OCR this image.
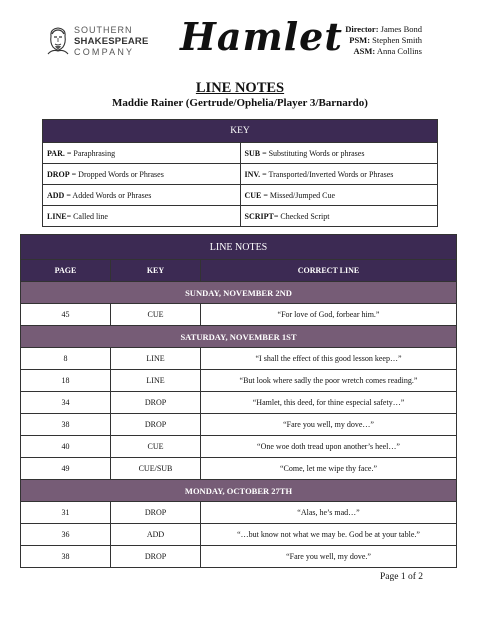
SOUTHERN
SHAKESPEARE
COMPANY	Hamlet Director: James Bond
PSM: Stephen Smith
ASM: Anna Collins
LINE NOTES
Maddie Rainer (Gertrude/Ophelia/Player 3/Barnardo)
KEY	
PAR. = Paraphrasing	SUB = Substituting Words or phrases
DROP = Dropped Words or Phrases	INV. = Transported/Inverted Words or Phrases
ADD = Added Words or Phrases	CUE = Missed/Jumped Cue
LINE= Called line	SCRIPT= Checked Script
LINE NOTES		
PAGE	KEY	CORRECT LINE
SUNDAY, NOVEMBER 2ND		
45	CUE	“For love of God, forbear him.”
SATURDAY, NOVEMBER 1ST		
8	LINE	“I shall the effect of this good lesson keep…”
18	LINE	“But look where sadly the poor wretch comes reading.”
34	DROP	“Hamlet, this deed, for thine especial safety…”
38	DROP	“Fare you well, my dove…”
40	CUE	“One woe doth tread upon another’s heel…”
49	CUE/SUB	“Come, let me wipe thy face.”
MONDAY, OCTOBER 27TH		
31	DROP	“Alas, he’s mad…”
36	ADD	“…but know not what we may be. God be at your table.”
38	DROP	“Fare you well, my dove.”
Page 1 of 2
